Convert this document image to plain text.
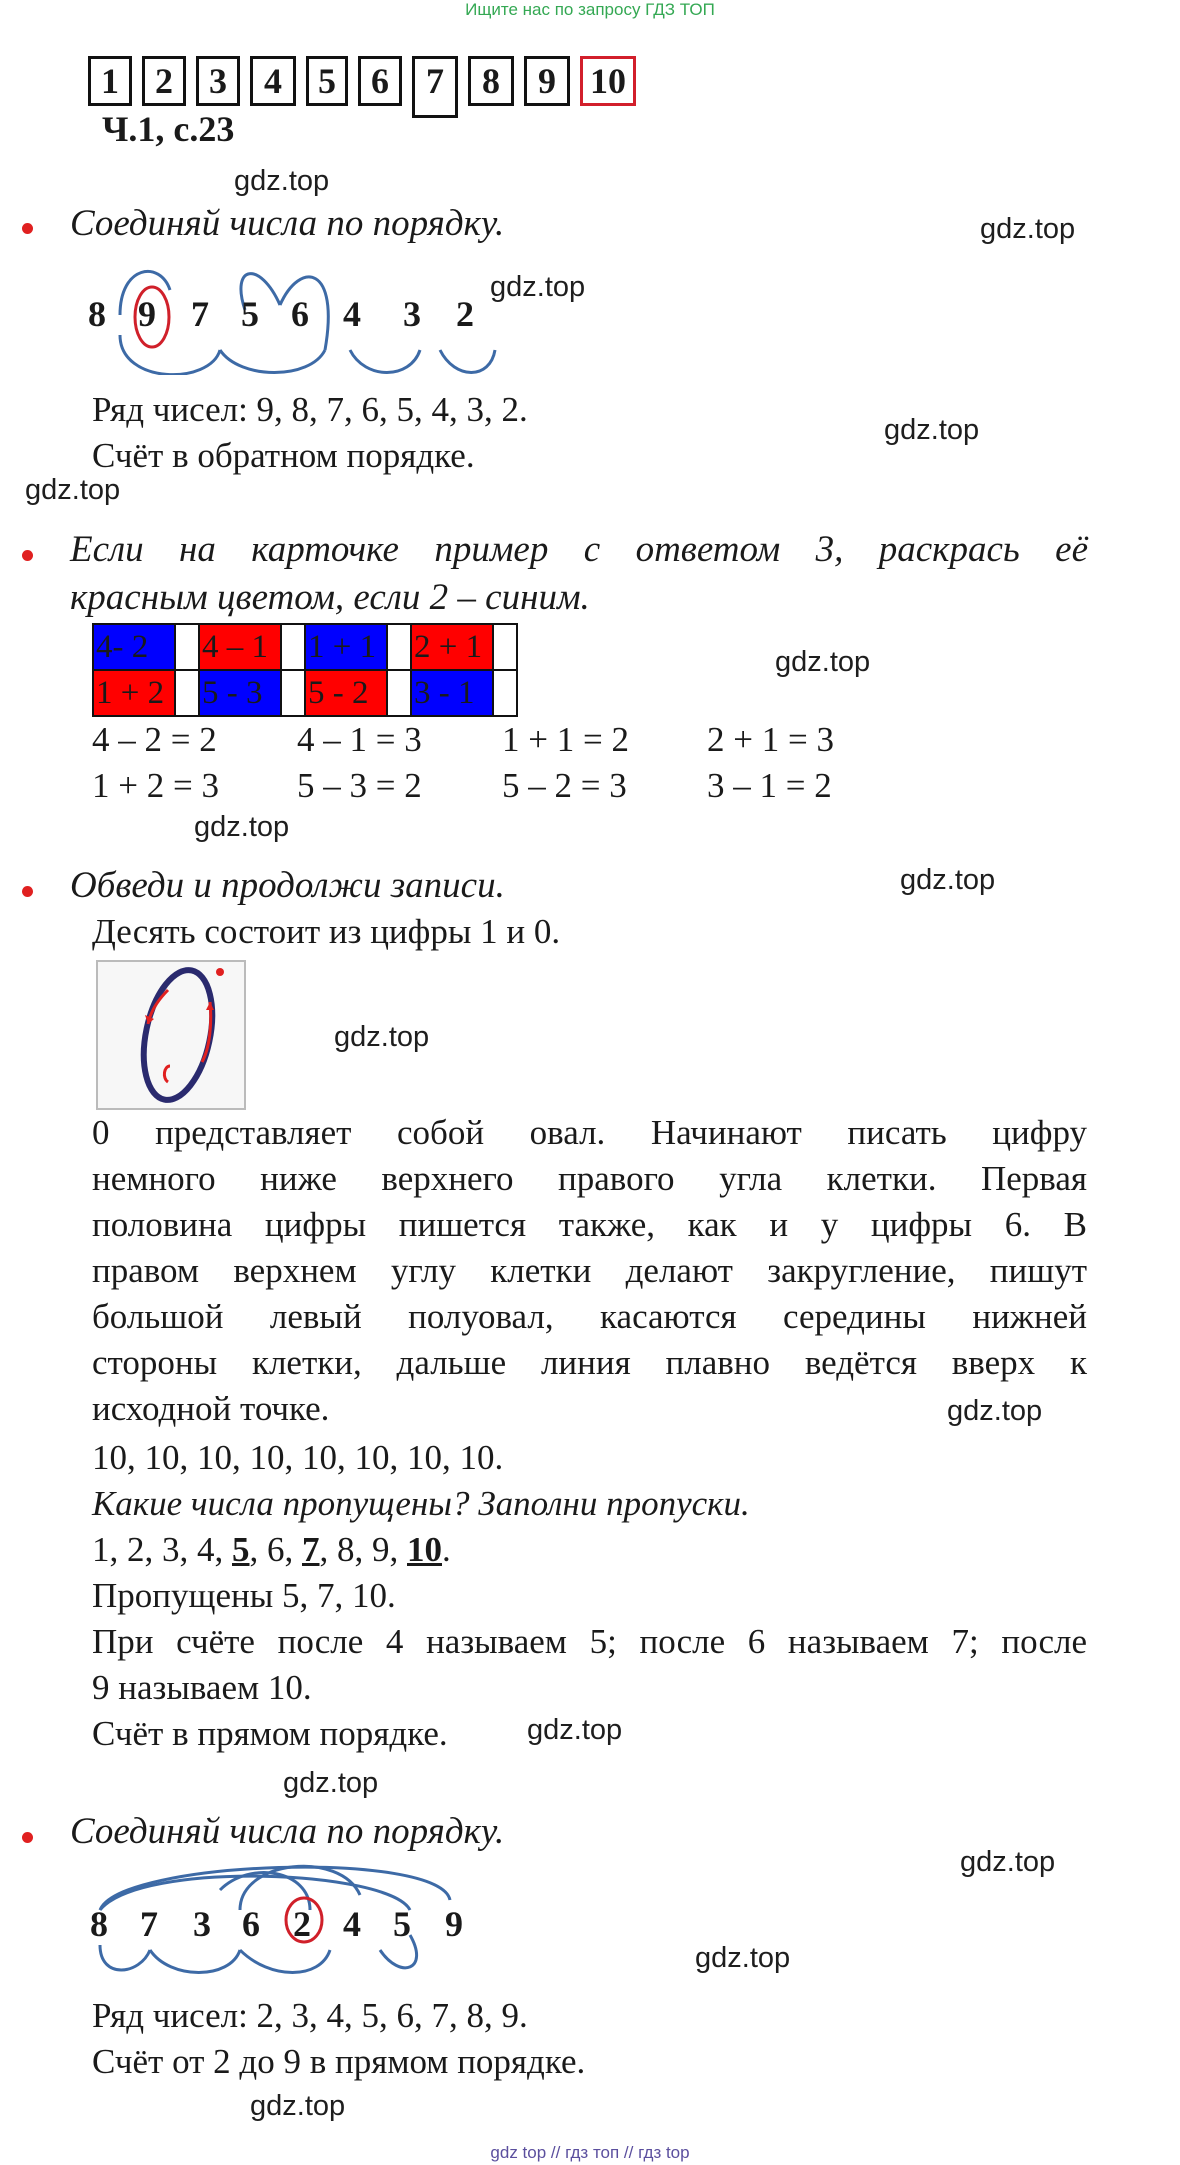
Ищите нас по запросу ГДЗ ТОП
1	2	3	4	5 6	7	8	9 10
Ч.1, с.23
gdz.top
gdz.top
gdz.top
gdz.top
gdz.top
gdz.top
gdz.top
gdz.top
gdz.top
gdz.top
gdz.top
gdz.top
gdz.top
gdz.top
gdz.top
Соединяй числа по порядку.
8 9 7 5 6 4 3 2
Ряд чисел: 9, 8, 7, 6, 5, 4, 3, 2.
Счёт в обратном порядке.
Если на карточке пример с ответом 3, раскрась её
красным цветом, если 2 – синим.
4- 2		4 – 1		1 + 1		2 + 1	
1 + 2		5 - 3		5 - 2		3 - 1	
4 – 2 = 2	4 – 1 = 3	1 + 1 = 2	2 + 1 = 3
1 + 2 = 3	5 – 3 = 2	5 – 2 = 3	3 – 1 = 2
Обведи и продолжи записи.
Десять состоит из цифры 1 и 0.
0 представляет собой овал. Начинают писать цифру
немного ниже верхнего правого угла клетки. Первая
половина цифры пишется также, как и у цифры 6. В
правом верхнем углу клетки делают закругление, пишут
большой левый полуовал, касаются середины нижней
стороны клетки, дальше линия плавно ведётся вверх к
исходной точке.
10, 10, 10, 10, 10, 10, 10, 10.
Какие числа пропущены? Заполни пропуски.
1, 2, 3, 4, 5, 6, 7, 8, 9, 10.
Пропущены 5, 7, 10.
При счёте после 4 называем 5; после 6 называем 7; после
9 называем 10.
Счёт в прямом порядке.
Соединяй числа по порядку.
8 7 3 6 2 4 5 9
Ряд чисел: 2, 3, 4, 5, 6, 7, 8, 9.
Счёт от 2 до 9 в прямом порядке.
gdz top // гдз топ // гдз top
